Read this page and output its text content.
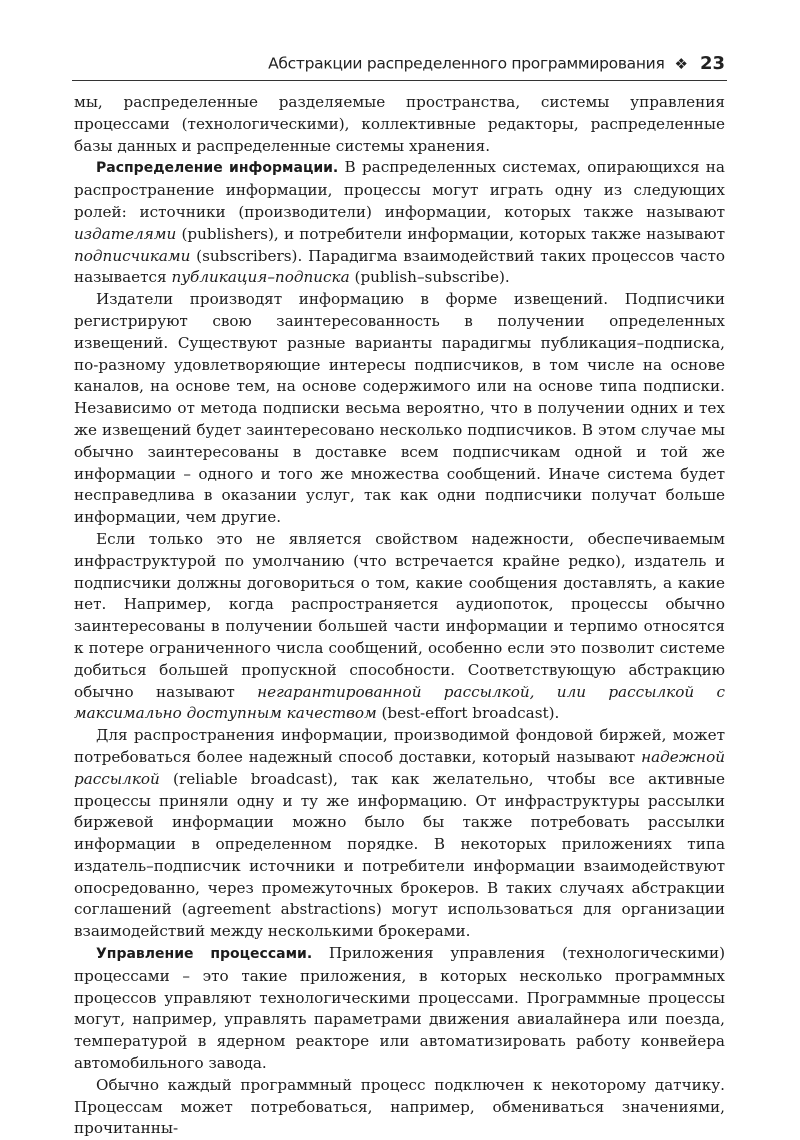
Абстракции распределенного программирования ❖ 23

мы, распределенные разделяемые пространства, системы управления процессами (технологическими), коллективные редакторы, распределенные базы данных и распределенные системы хранения.

Распределение информации. В распределенных системах, опирающихся на распространение информации, процессы могут играть одну из следующих ролей: источники (производители) информации, которых также называют издателями (publishers), и потребители информации, которых также называют подписчиками (subscribers). Парадигма взаимодействий таких процессов часто называется публикация–подписка (publish–subscribe).

Издатели производят информацию в форме извещений. Подписчики регистрируют свою заинтересованность в получении определенных извещений. Существуют разные варианты парадигмы публикация–подписка, по-разному удовлетворяющие интересы подписчиков, в том числе на основе каналов, на основе тем, на основе содержимого или на основе типа подписки. Независимо от метода подписки весьма вероятно, что в получении одних и тех же извещений будет заинтересовано несколько подписчиков. В этом случае мы обычно заинтересованы в доставке всем подписчикам одной и той же информации – одного и того же множества сообщений. Иначе система будет несправедлива в оказании услуг, так как одни подписчики получат больше информации, чем другие.

Если только это не является свойством надежности, обеспечиваемым инфраструктурой по умолчанию (что встречается крайне редко), издатель и подписчики должны договориться о том, какие сообщения доставлять, а какие нет. Например, когда распространяется аудиопоток, процессы обычно заинтересованы в получении большей части информации и терпимо относятся к потере ограниченного числа сообщений, особенно если это позволит системе добиться большей пропускной способности. Соответствующую абстракцию обычно называют негарантированной рассылкой, или рассылкой с максимально доступным качеством (best-effort broadcast).

Для распространения информации, производимой фондовой биржей, может потребоваться более надежный способ доставки, который называют надежной рассылкой (reliable broadcast), так как желательно, чтобы все активные процессы приняли одну и ту же информацию. От инфраструктуры рассылки биржевой информации можно было бы также потребовать рассылки информации в определенном порядке. В некоторых приложениях типа издатель–подписчик источники и потребители информации взаимодействуют опосредованно, через промежуточных брокеров. В таких случаях абстракции соглашений (agreement abstractions) могут использоваться для организации взаимодействий между несколькими брокерами.

Управление процессами. Приложения управления (технологическими) процессами – это такие приложения, в которых несколько программных процессов управляют технологическими процессами. Программные процессы могут, например, управлять параметрами движения авиалайнера или поезда, температурой в ядерном реакторе или автоматизировать работу конвейера автомобильного завода.

Обычно каждый программный процесс подключен к некоторому датчику. Процессам может потребоваться, например, обмениваться значениями, прочитанны-
